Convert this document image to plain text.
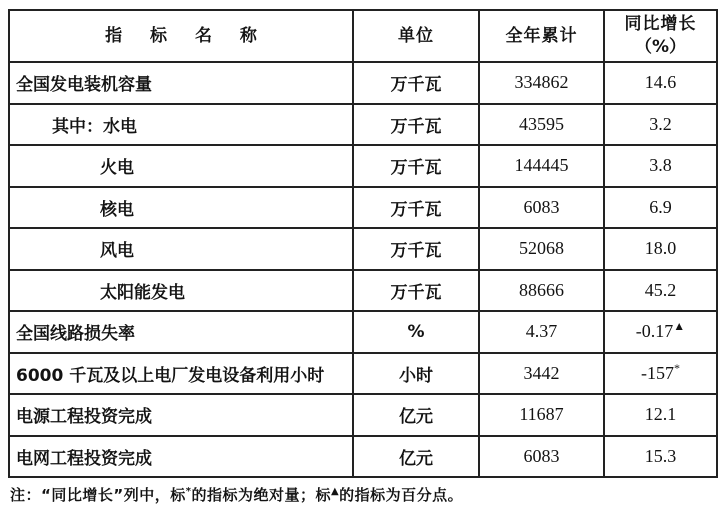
指 标 名 称	单位	全年累计	同比增长
（%）

全国发电装机容量	万千瓦	334862	14.6
其中：水电	万千瓦	43595	3.2
火电	万千瓦	144445	3.8
核电	万千瓦	6083	6.9
风电	万千瓦	52068	18.0
太阳能发电	万千瓦	88666	45.2
全国线路损失率	%	4.37	-0.17▲
6000 千瓦及以上电厂发电设备利用小时	小时	3442	-157*
电源工程投资完成	亿元	11687	12.1
电网工程投资完成	亿元	6083	15.3
注：“同比增长”列中，标*的指标为绝对量；标▲的指标为百分点。
